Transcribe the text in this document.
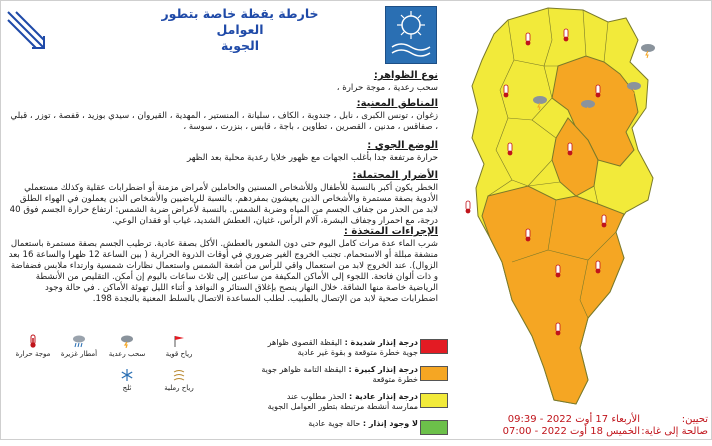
خارطة يقظة خاصة بتطور العوامل
الجوية
نوع الظواهر:
سحب رعدية ، موجة حرارة ،
المناطق المعنية:
زغوان ، تونس الكبرى ، نابل ، جندوبة ، الكاف ، سليانة ، المنستير ، المهدية ، القيروان ، سيدي بوزيد ، قفصة ، توزر ، قبلي ، صفاقس ، مدنين ، القصرين ، تطاوين ، باجة ، قابس ، بنزرت ، سوسة ،
الوضع الجوي :
حرارة مرتفعة جدا بأغلب الجهات مع ظهور خلايا رعدية محلية بعد الظهر
الأضرار المحتملة:
الخطر يكون أكبر بالنسبة للأطفال وللأشخاص المسنين والحاملين لأمراض مزمنة أو اضطرابات عقلية وكذلك مستعملي الأدوية بصفة مستمرة والأشخاص الذين يعيشون بمفردهم. بالنسبة للرياضيين والأشخاص الذين يعملون في الهواء الطلق لابد من الحذر من جفاف الجسم من المياه وضربة الشمس. بالنسبة لأعراض ضربة الشمس: ارتفاع حرارة الجسم فوق 40 درجة، مع احمرار وجفاف البشرة، آلام الرأس، غثيان، العطش الشديد، غياب أو فقدان الوعي.
الإجراءات المتخذة :
شرب الماء عدة مرات كامل اليوم حتى دون الشعور بالعطش. الأكل بصفة عادية. ترطيب الجسم بصفة مستمرة باستعمال منشفة مبللة أو الاستحمام. تجنب الخروج الغير ضروري في أوقات الذروة الحرارية ( بين الساعة 12 ظهرا والساعة 16 بعد الزوال). عند الخروج لابد من استعمال واقي للرأس من أشعة الشمس واستعمال نظارات شمسية وارتداء ملابس فضفاضة و ذات ألوان فاتحة. اللجوء إلى الأماكن المكيفة من ساعتين إلى ثلاث ساعات باليوم إن أمكن. التقليص من الأنشطة الرياضية خاصة منها الشاقة. خلال النهار ينصح بإغلاق الستائر و النوافذ و أثناء الليل تهوئة الأماكن . في حالة وجود اضطرابات صحية لابد من الإتصال بالطبيب. لطلب المساعدة الاتصال بالسلط المعنية بالنجدة 198.
موجة حرارة	أمطار غزيرة	سحب رعدية	رياح قوية
ثلج	رياح رملية
درجة إنذار شديدة : اليقظة القصوى ظواهر جوية خطرة متوقعة و بقوة غير عادية
درجة إنذار كبيرة : اليقظة التامة ظواهر جوية خطرة متوقعة
درجة إنذار عادية : الحذر مطلوب عند ممارسة أنشطة مرتبطة بتطور العوامل الجوية
لا وجود إنذار : حالة جوية عادية	تحيين:
الأربعاء 17 أوت 2022 - 09:39
صالحة إلى غاية:
الخميس 18 أوت 2022 - 07:00
